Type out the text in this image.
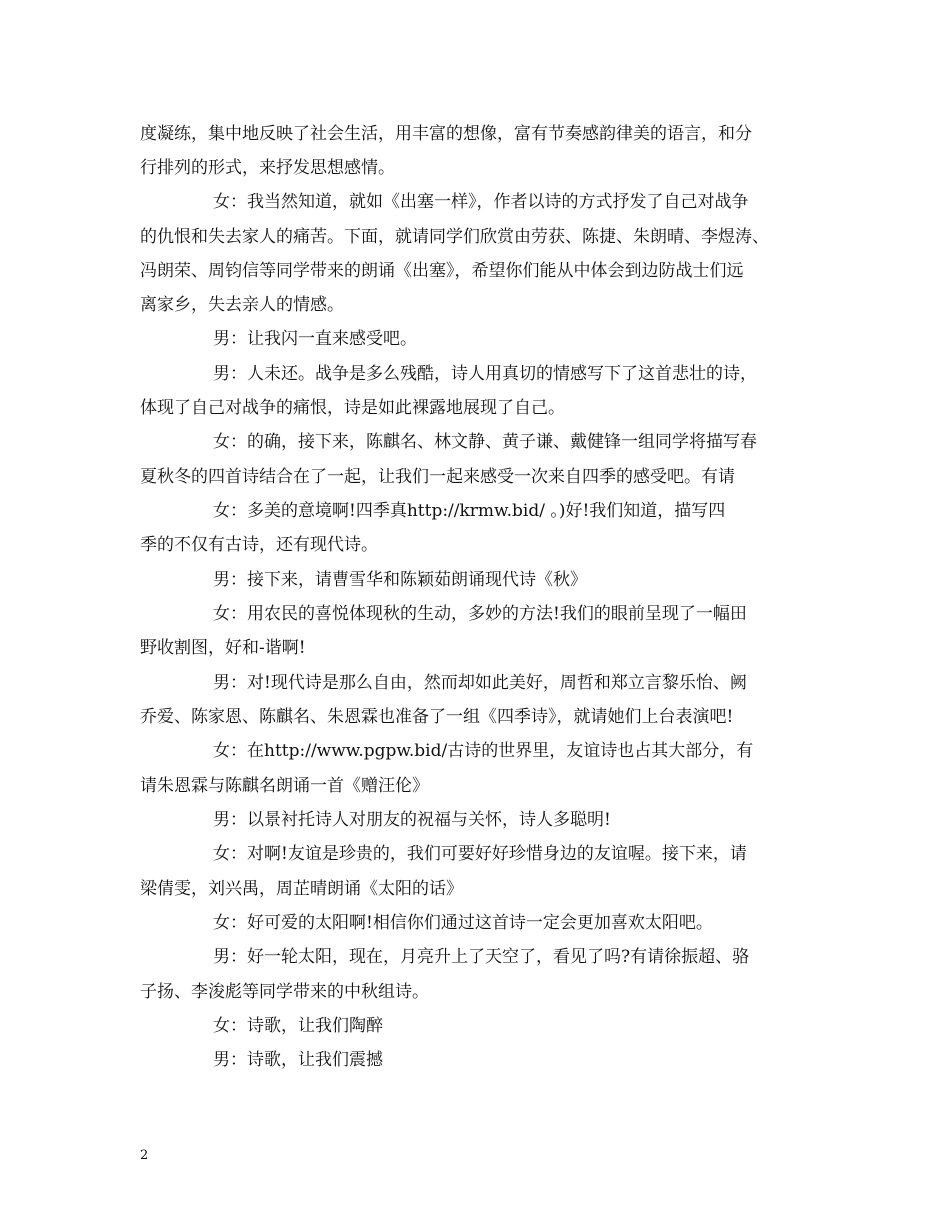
度凝练，集中地反映了社会生活，用丰富的想像，富有节奏感韵律美的语言，和分
行排列的形式，来抒发思想感情。
女：我当然知道，就如《出塞一样》，作者以诗的方式抒发了自己对战争
的仇恨和失去家人的痛苦。下面，就请同学们欣赏由劳获、陈捷、朱朗晴、李煜涛、
冯朗荣、周钧信等同学带来的朗诵《出塞》，希望你们能从中体会到边防战士们远
离家乡，失去亲人的情感。
男：让我闪一直来感受吧。
男：人未还。战争是多么残酷，诗人用真切的情感写下了这首悲壮的诗，
体现了自己对战争的痛恨，诗是如此裸露地展现了自己。
女：的确，接下来，陈麒名、林文静、黄子谦、戴健锋一组同学将描写春
夏秋冬的四首诗结合在了一起，让我们一起来感受一次来自四季的感受吧。有请
女：多美的意境啊!四季真http://krmw.bid/ 。)好!我们知道，描写四
季的不仅有古诗，还有现代诗。
男：接下来，请曹雪华和陈颖茹朗诵现代诗《秋》
女：用农民的喜悦体现秋的生动，多妙的方法!我们的眼前呈现了一幅田
野收割图，好和-谐啊!
男：对!现代诗是那么自由，然而却如此美好，周哲和郑立言黎乐怡、阙
乔爱、陈家恩、陈麒名、朱恩霖也准备了一组《四季诗》，就请她们上台表演吧!
女：在http://www.pgpw.bid/古诗的世界里，友谊诗也占其大部分，有
请朱恩霖与陈麒名朗诵一首《赠汪伦》
男：以景衬托诗人对朋友的祝福与关怀，诗人多聪明!
女：对啊!友谊是珍贵的，我们可要好好珍惜身边的友谊喔。接下来，请
梁倩雯，刘兴禺，周芷晴朗诵《太阳的话》
女：好可爱的太阳啊!相信你们通过这首诗一定会更加喜欢太阳吧。
男：好一轮太阳，现在，月亮升上了天空了，看见了吗?有请徐振超、骆
子扬、李浚彪等同学带来的中秋组诗。
女：诗歌，让我们陶醉
男：诗歌，让我们震撼
2
